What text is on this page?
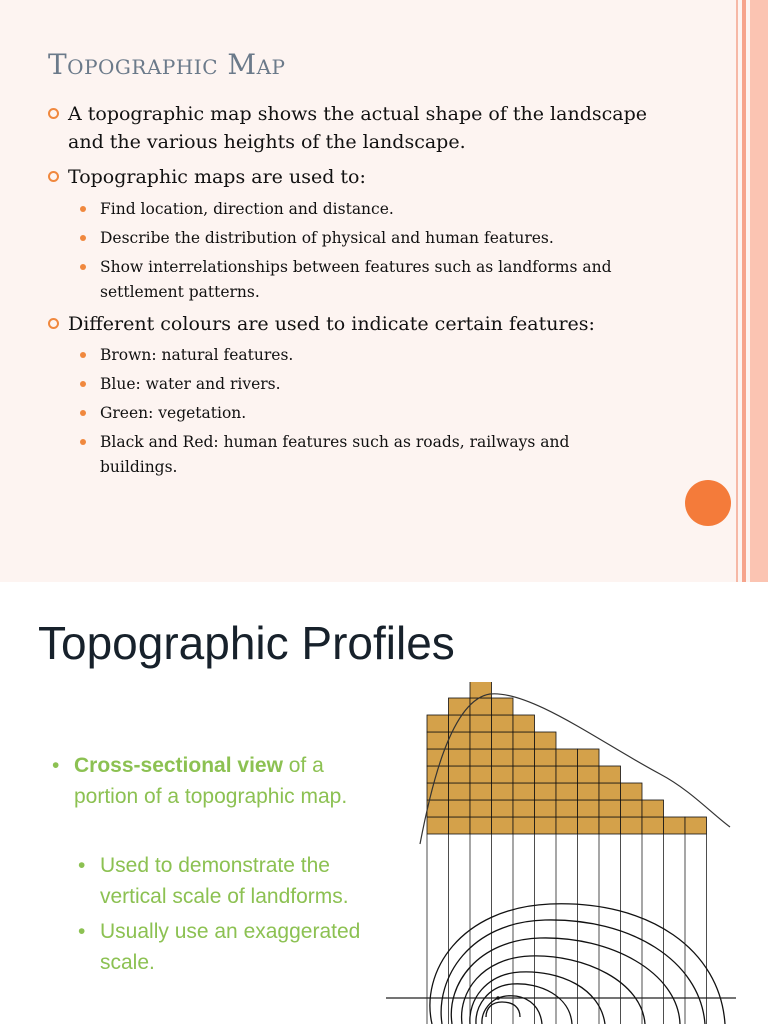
Topographic Map
A topographic map shows the actual shape of the landscape and the various heights of the landscape.
Topographic maps are used to:
Find location, direction and distance.
Describe the distribution of physical and human features.
Show interrelationships between features such as landforms and settlement patterns.
Different colours are used to indicate certain features:
Brown: natural features.
Blue: water and rivers.
Green: vegetation.
Black and Red: human features such as roads, railways and buildings.
Topographic Profiles
• Cross-sectional view of a portion of a topographic map.
• Used to demonstrate the vertical scale of landforms.
• Usually use an exaggerated scale.
